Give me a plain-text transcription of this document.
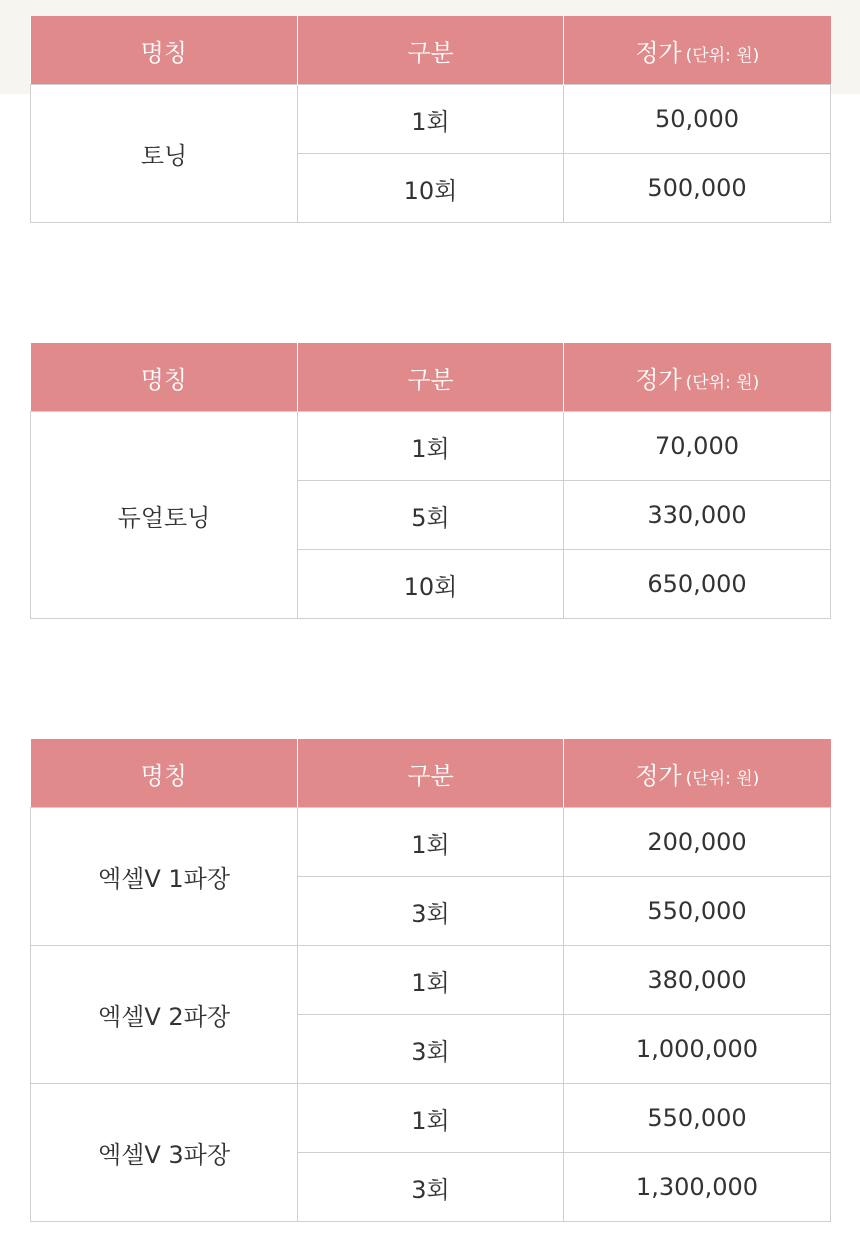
명칭	구분	정가 (단위: 원)
토닝	1회	50,000
	10회	500,000
명칭	구분	정가 (단위: 원)
듀얼토닝	1회	70,000
	5회	330,000
	10회	650,000
명칭	구분	정가 (단위: 원)
엑셀V 1파장	1회	200,000
	3회	550,000
엑셀V 2파장	1회	380,000
	3회	1,000,000
엑셀V 3파장	1회	550,000
	3회	1,300,000
